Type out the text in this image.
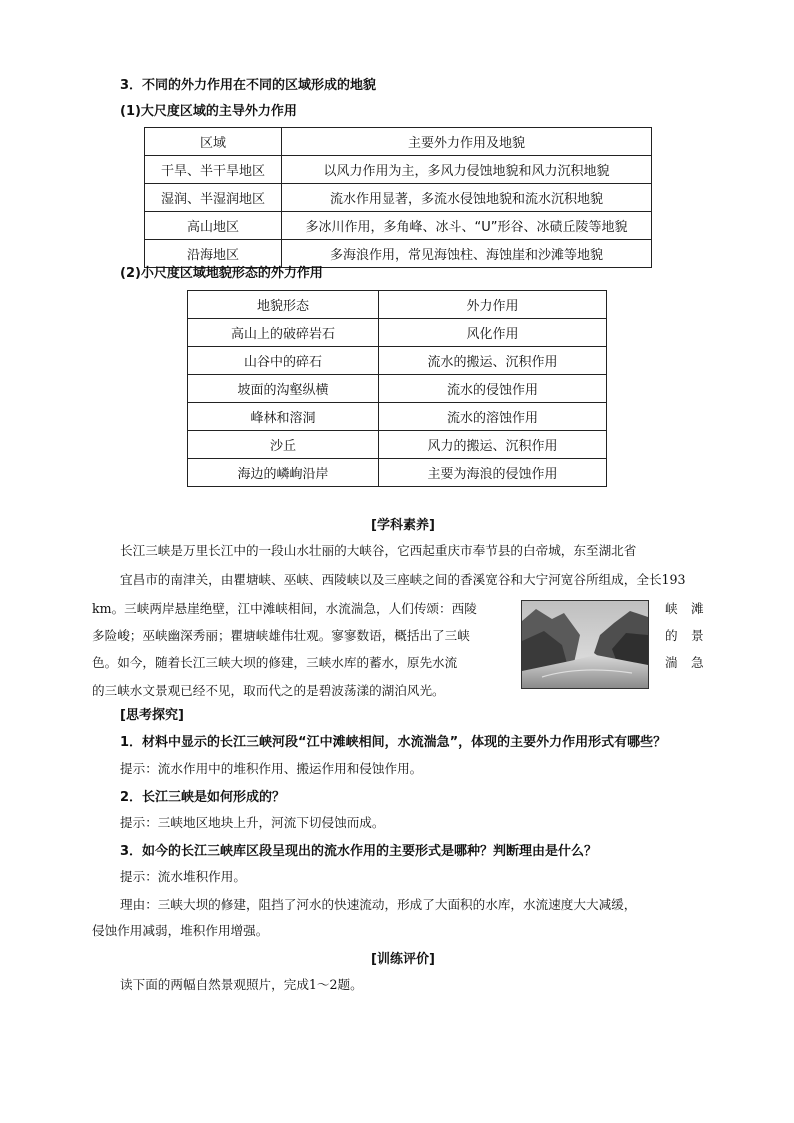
3．不同的外力作用在不同的区域形成的地貌
(1)大尺度区域的主导外力作用
区域	主要外力作用及地貌
干旱、半干旱地区	以风力作用为主，多风力侵蚀地貌和风力沉积地貌
湿润、半湿润地区	流水作用显著，多流水侵蚀地貌和流水沉积地貌
高山地区	多冰川作用，多角峰、冰斗、“U”形谷、冰碛丘陵等地貌
沿海地区	多海浪作用，常见海蚀柱、海蚀崖和沙滩等地貌
(2)小尺度区域地貌形态的外力作用
地貌形态	外力作用
高山上的破碎岩石	风化作用
山谷中的碎石	流水的搬运、沉积作用
坡面的沟壑纵横	流水的侵蚀作用
峰林和溶洞	流水的溶蚀作用
沙丘	风力的搬运、沉积作用
海边的嶙峋沿岸	主要为海浪的侵蚀作用
[学科素养]
长江三峡是万里长江中的一段山水壮丽的大峡谷，它西起重庆市奉节县的白帝城，东至湖北省
宜昌市的南津关，由瞿塘峡、巫峡、西陵峡以及三座峡之间的香溪宽谷和大宁河宽谷所组成，全长193
km。三峡两岸悬崖绝壁，江中滩峡相间，水流湍急，人们传颂：西陵
多险峻；巫峡幽深秀丽；瞿塘峡雄伟壮观。寥寥数语，概括出了三峡
色。如今，随着长江三峡大坝的修建，三峡水库的蓄水，原先水流
的三峡水文景观已经不见，取而代之的是碧波荡漾的湖泊风光。
峡 滩
的 景
湍 急
[思考探究]
1．材料中显示的长江三峡河段“江中滩峡相间，水流湍急”，体现的主要外力作用形式有哪些？
提示：流水作用中的堆积作用、搬运作用和侵蚀作用。
2．长江三峡是如何形成的？
提示：三峡地区地块上升，河流下切侵蚀而成。
3．如今的长江三峡库区段呈现出的流水作用的主要形式是哪种？判断理由是什么？
提示：流水堆积作用。
理由：三峡大坝的修建，阻挡了河水的快速流动，形成了大面积的水库，水流速度大大减缓，
侵蚀作用减弱，堆积作用增强。
[训练评价]
读下面的两幅自然景观照片，完成1～2题。
